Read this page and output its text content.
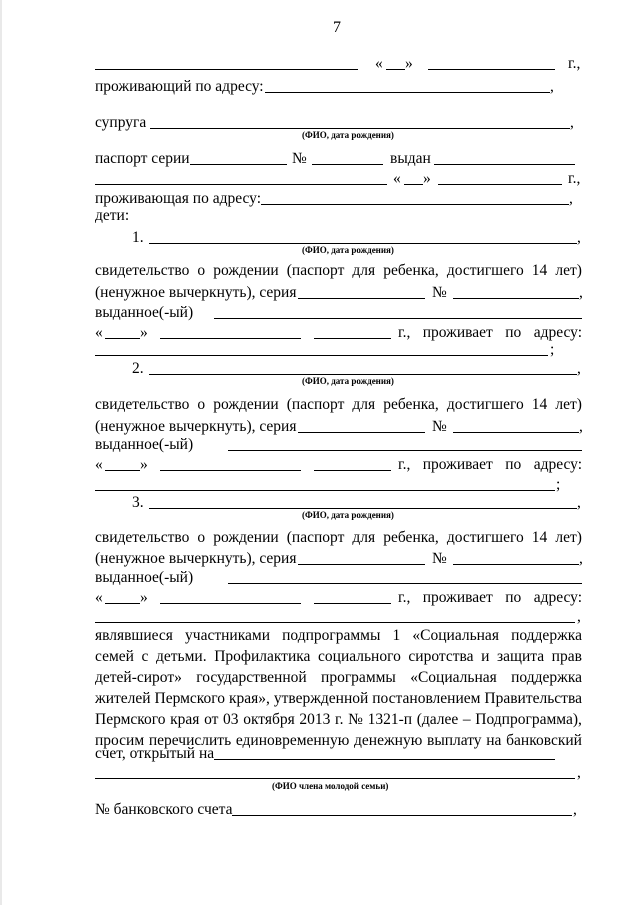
7
« »	г.,
проживающий по адресу:	,
супруга	,
(ФИО, дата рождения)
паспорт серии	№	выдан
« »	г.,
проживающая по адресу:	,
дети:
1.	,
(ФИО, дата рождения)
свидетельство о рождении (паспорт для ребенка, достигшего 14 лет)
(ненужное вычеркнуть), серия	№	,
выданное(-ый)
« »	г., проживает по адресу:
;
2.	,
(ФИО, дата рождения)
свидетельство о рождении (паспорт для ребенка, достигшего 14 лет)
(ненужное вычеркнуть), серия	№	,
выданное(-ый)
« »	г., проживает по адресу:
;
3.	,
(ФИО, дата рождения)
свидетельство о рождении (паспорт для ребенка, достигшего 14 лет)
(ненужное вычеркнуть), серия	№	,
выданное(-ый)
« »	г., проживает по адресу:
,
являвшиеся участниками подпрограммы 1 «Социальная поддержка
семей с детьми. Профилактика социального сиротства и защита прав
детей-сирот» государственной программы «Социальная поддержка
жителей Пермского края», утвержденной постановлением Правительства
Пермского края от 03 октября 2013 г. № 1321-п (далее – Подпрограмма),
просим перечислить единовременную денежную выплату на банковский
счет, открытый на
,
(ФИО члена молодой семьи)
№ банковского счета	,
